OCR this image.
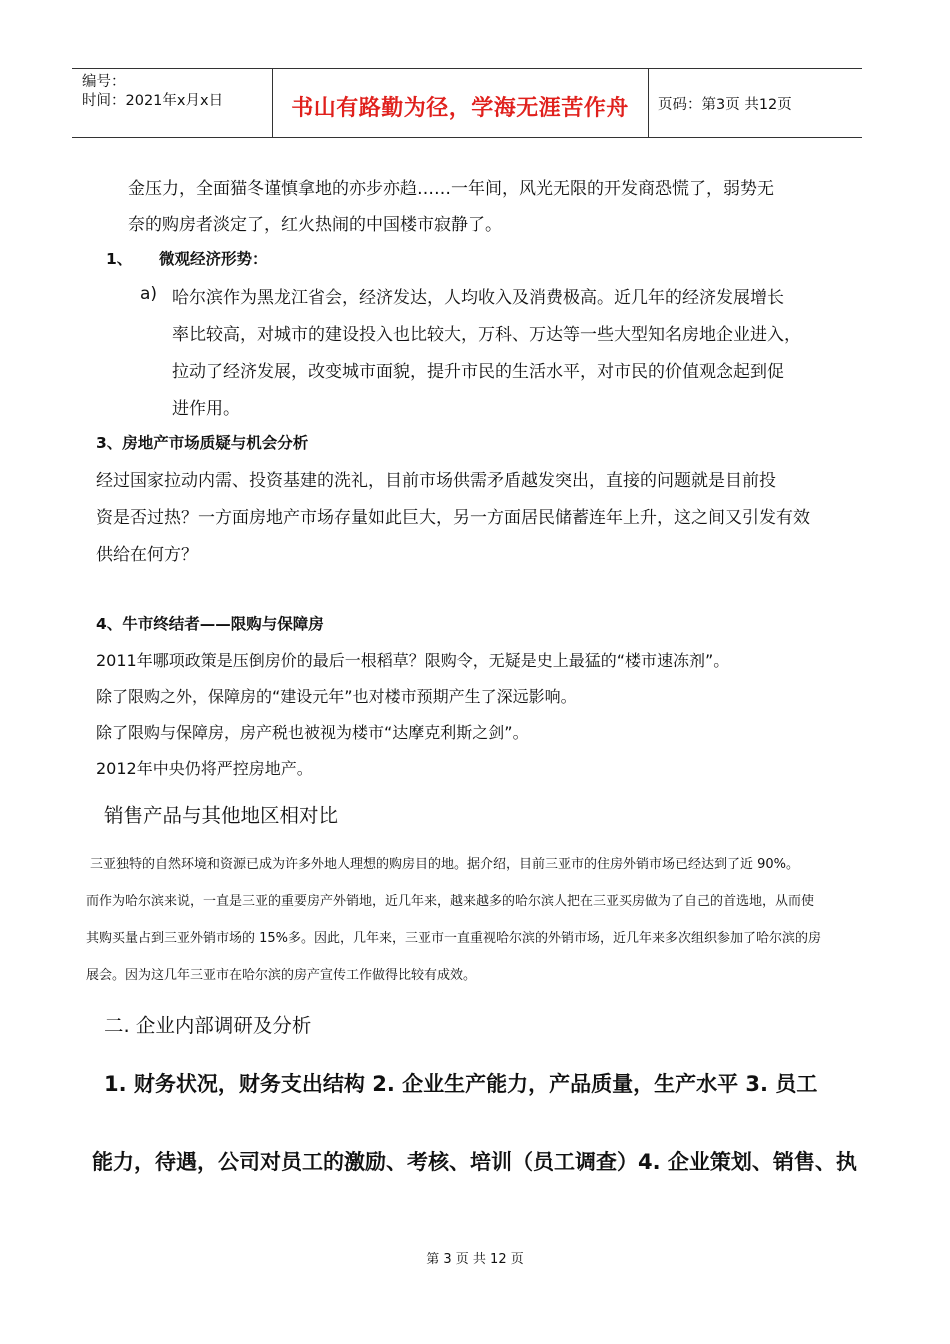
编号：
时间：2021年x月x日	书山有路勤为径，学海无涯苦作舟	页码：第3页 共12页
金压力，全面猫冬谨慎拿地的亦步亦趋……一年间，风光无限的开发商恐慌了，弱势无
奈的购房者淡定了，红火热闹的中国楼市寂静了。
1、 微观经济形势：
a) 哈尔滨作为黑龙江省会，经济发达，人均收入及消费极高。近几年的经济发展增长
率比较高，对城市的建设投入也比较大，万科、万达等一些大型知名房地企业进入，
拉动了经济发展，改变城市面貌，提升市民的生活水平，对市民的价值观念起到促
进作用。
3、房地产市场质疑与机会分析
经过国家拉动内需、投资基建的洗礼，目前市场供需矛盾越发突出，直接的问题就是目前投
资是否过热？一方面房地产市场存量如此巨大，另一方面居民储蓄连年上升，这之间又引发有效
供给在何方？
4、牛市终结者——限购与保障房
2011年哪项政策是压倒房价的最后一根稻草？限购令，无疑是史上最猛的“楼市速冻剂”。
除了限购之外，保障房的“建设元年”也对楼市预期产生了深远影响。
除了限购与保障房，房产税也被视为楼市“达摩克利斯之剑”。
2012年中央仍将严控房地产。
销售产品与其他地区相对比
三亚独特的自然环境和资源已成为许多外地人理想的购房目的地。据介绍，目前三亚市的住房外销市场已经达到了近 90%。
而作为哈尔滨来说，一直是三亚的重要房产外销地，近几年来，越来越多的哈尔滨人把在三亚买房做为了自己的首选地，从而使
其购买量占到三亚外销市场的 15%多。因此，几年来，三亚市一直重视哈尔滨的外销市场，近几年来多次组织参加了哈尔滨的房
展会。因为这几年三亚市在哈尔滨的房产宣传工作做得比较有成效。
二. 企业内部调研及分析
1. 财务状况，财务支出结构 2. 企业生产能力，产品质量，生产水平 3. 员工
能力，待遇，公司对员工的激励、考核、培训（员工调查）4. 企业策划、销售、执
第 3 页 共 12 页
